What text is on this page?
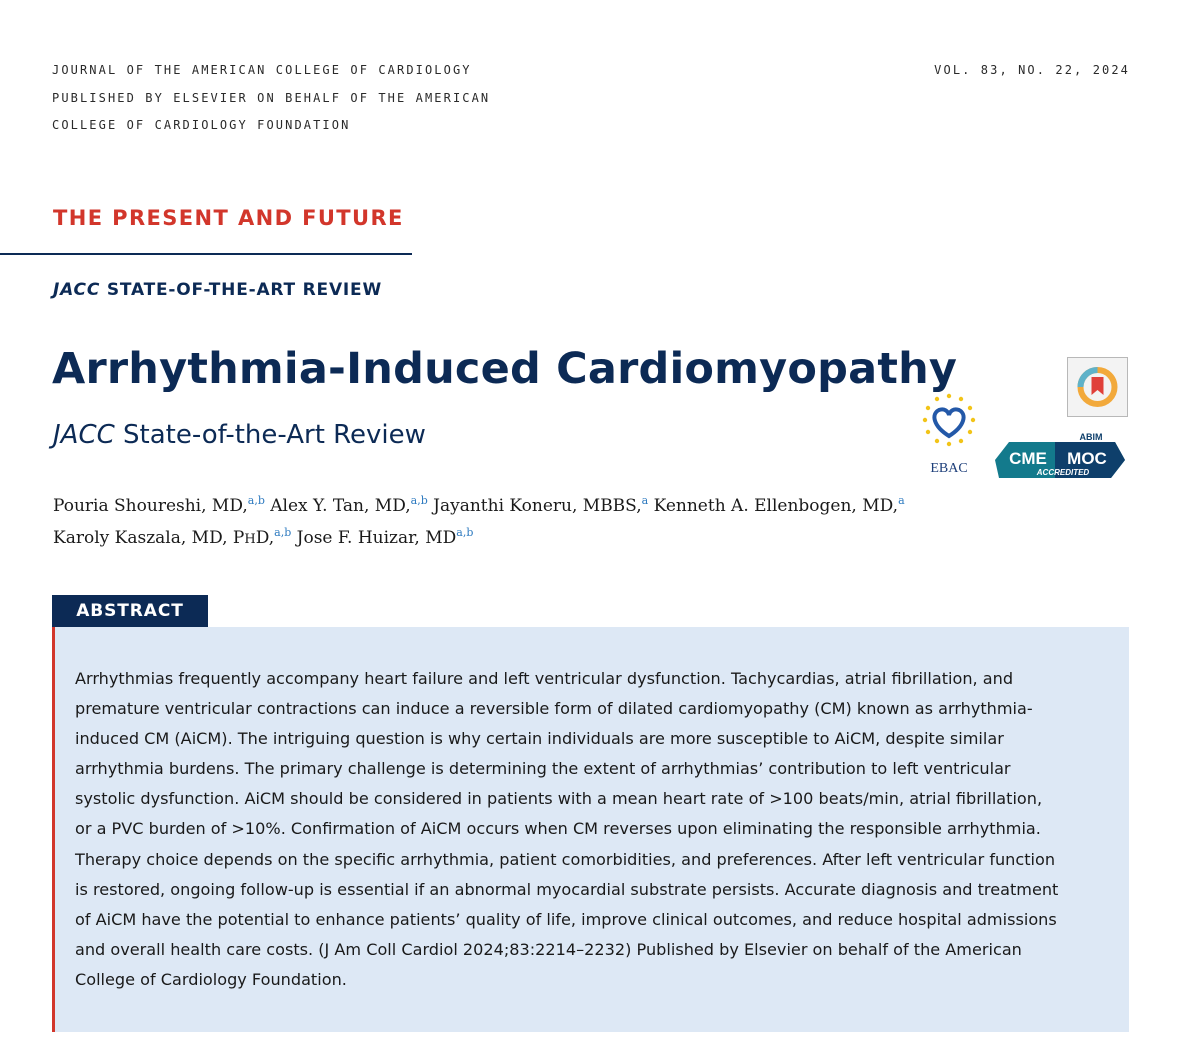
JOURNAL OF THE AMERICAN COLLEGE OF CARDIOLOGY
PUBLISHED BY ELSEVIER ON BEHALF OF THE AMERICAN
COLLEGE OF CARDIOLOGY FOUNDATION
VOL. 83, NO. 22, 2024
THE PRESENT AND FUTURE
JACC STATE-OF-THE-ART REVIEW
Arrhythmia-Induced Cardiomyopathy
JACC State-of-the-Art Review
EBAC
ABIM
CME MOC
ACCREDITED
Pouria Shoureshi, MD,$^{a,b}$ Alex Y. Tan, MD,$^{a,b}$ Jayanthi Koneru, MBBS,$^a$ Kenneth A. Ellenbogen, MD,$^a$
Karoly Kaszala, MD, PHD,$^{a,b}$ Jose F. Huizar, MD$^{a,b}$
ABSTRACT
Arrhythmias frequently accompany heart failure and left ventricular dysfunction. Tachycardias, atrial fibrillation, and
premature ventricular contractions can induce a reversible form of dilated cardiomyopathy (CM) known as arrhythmia-
induced CM (AiCM). The intriguing question is why certain individuals are more susceptible to AiCM, despite similar
arrhythmia burdens. The primary challenge is determining the extent of arrhythmias’ contribution to left ventricular
systolic dysfunction. AiCM should be considered in patients with a mean heart rate of >100 beats/min, atrial fibrillation,
or a PVC burden of >10%. Confirmation of AiCM occurs when CM reverses upon eliminating the responsible arrhythmia.
Therapy choice depends on the specific arrhythmia, patient comorbidities, and preferences. After left ventricular function
is restored, ongoing follow-up is essential if an abnormal myocardial substrate persists. Accurate diagnosis and treatment
of AiCM have the potential to enhance patients’ quality of life, improve clinical outcomes, and reduce hospital admissions
and overall health care costs. (J Am Coll Cardiol 2024;83:2214–2232) Published by Elsevier on behalf of the American
College of Cardiology Foundation.
